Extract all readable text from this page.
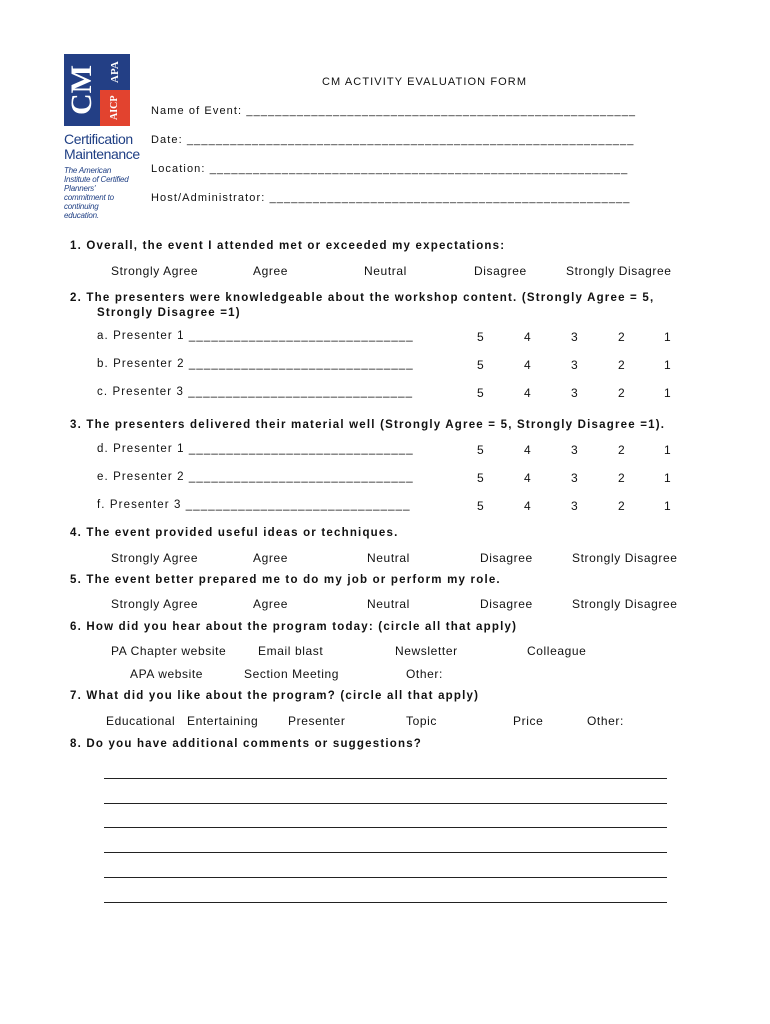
CM	APA
AICP
Certification
Maintenance
The American Institute of Certified Planners' commitment to continuing education.
CM ACTIVITY EVALUATION FORM
Name of Event: ______________________________________________________
Date: ______________________________________________________________
Location: __________________________________________________________
Host/Administrator: __________________________________________________
1. Overall, the event I attended met or exceeded my expectations:
Strongly Agree	Agree	Neutral	Disagree	Strongly Disagree
2. The presenters were knowledgeable about the workshop content. (Strongly Agree = 5,
Strongly Disagree =1)
a. Presenter 1 ______________________________	5	4	3	2	1
b. Presenter 2 ______________________________	5	4	3	2	1
c. Presenter 3 ______________________________	5	4	3	2	1
3. The presenters delivered their material well (Strongly Agree = 5, Strongly Disagree =1).
d. Presenter 1 ______________________________	5	4	3	2	1
e. Presenter 2 ______________________________	5	4	3	2	1
f. Presenter 3 ______________________________	5	4	3	2	1
4. The event provided useful ideas or techniques.
Strongly Agree	Agree	Neutral	Disagree	Strongly Disagree
5. The event better prepared me to do my job or perform my role.
Strongly Agree	Agree	Neutral	Disagree	Strongly Disagree
6. How did you hear about the program today: (circle all that apply)
PA Chapter website	Email blast	Newsletter	Colleague
APA website	Section Meeting	Other:
7. What did you like about the program? (circle all that apply)
Educational Entertaining Presenter	Topic	Price	Other:
8. Do you have additional comments or suggestions?
